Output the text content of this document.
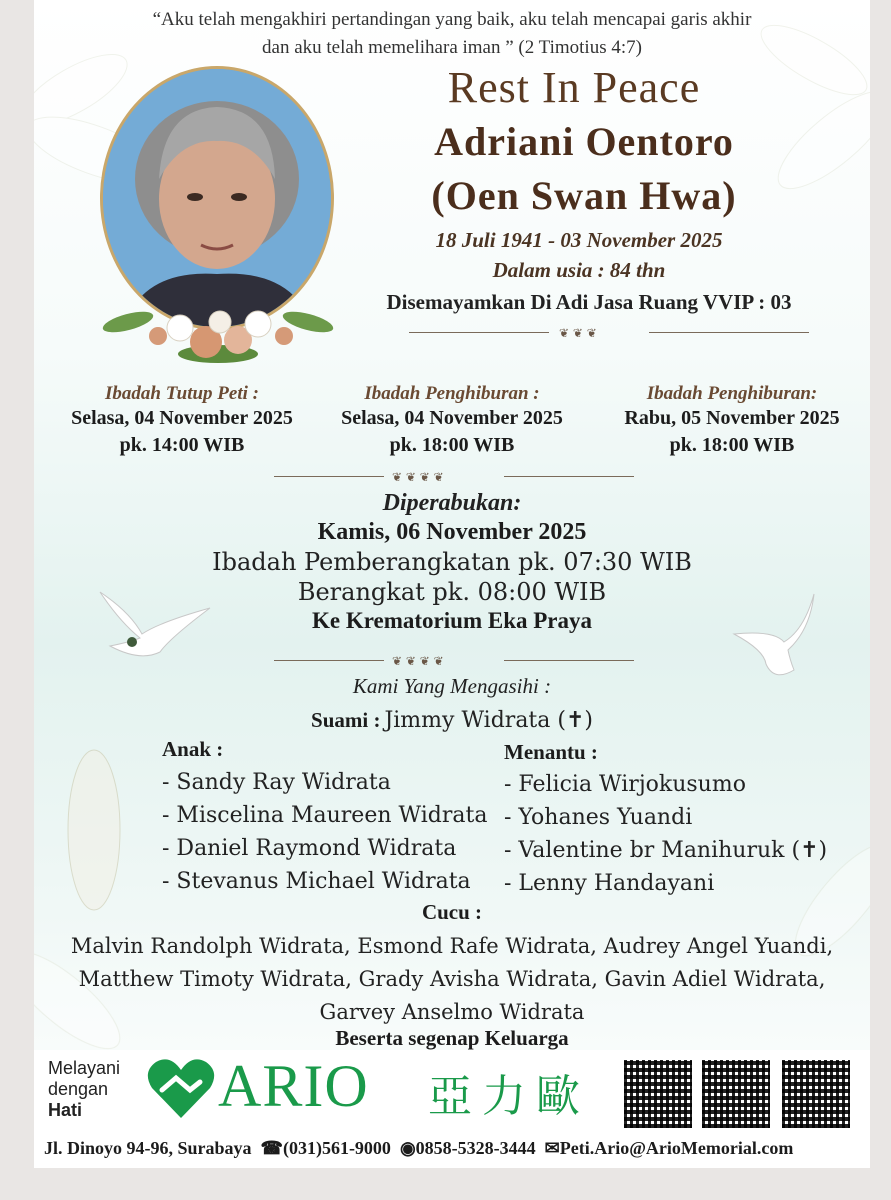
“Aku telah mengakhiri pertandingan yang baik, aku telah mencapai garis akhir
dan aku telah memelihara iman ” (2 Timotius 4:7)
Rest In Peace
Adriani Oentoro
(Oen Swan Hwa)
18 Juli 1941 - 03 November 2025
Dalam usia : 84 thn
Disemayamkan Di Adi Jasa Ruang VVIP : 03
❦ ❦ ❦
Ibadah Tutup Peti :
Selasa, 04 November 2025
pk. 14:00 WIB
Ibadah Penghiburan :
Selasa, 04 November 2025
pk. 18:00 WIB
Ibadah Penghiburan:
Rabu, 05 November 2025
pk. 18:00 WIB
❦ ❦ ❦ ❦
Diperabukan:
Kamis, 06 November 2025
Ibadah Pemberangkatan pk. 07:30 WIB
Berangkat pk. 08:00 WIB
Ke Krematorium Eka Praya
❦ ❦ ❦ ❦
Kami Yang Mengasihi :
Suami : Jimmy Widrata (✝)
Anak :
- Sandy Ray Widrata
- Miscelina Maureen Widrata
- Daniel Raymond Widrata
- Stevanus Michael Widrata
Menantu :
- Felicia Wirjokusumo
- Yohanes Yuandi
- Valentine br Manihuruk (✝)
- Lenny Handayani
Cucu :
Malvin Randolph Widrata, Esmond Rafe Widrata, Audrey Angel Yuandi,
Matthew Timoty Widrata, Grady Avisha Widrata, Gavin Adiel Widrata,
Garvey Anselmo Widrata
Beserta segenap Keluarga
Melayani
dengan
Hati	ARIO 亞力歐
Jl. Dinoyo 94-96, Surabaya ☎(031)561-9000 ◉0858-5328-3444 ✉Peti.Ario@ArioMemorial.com
